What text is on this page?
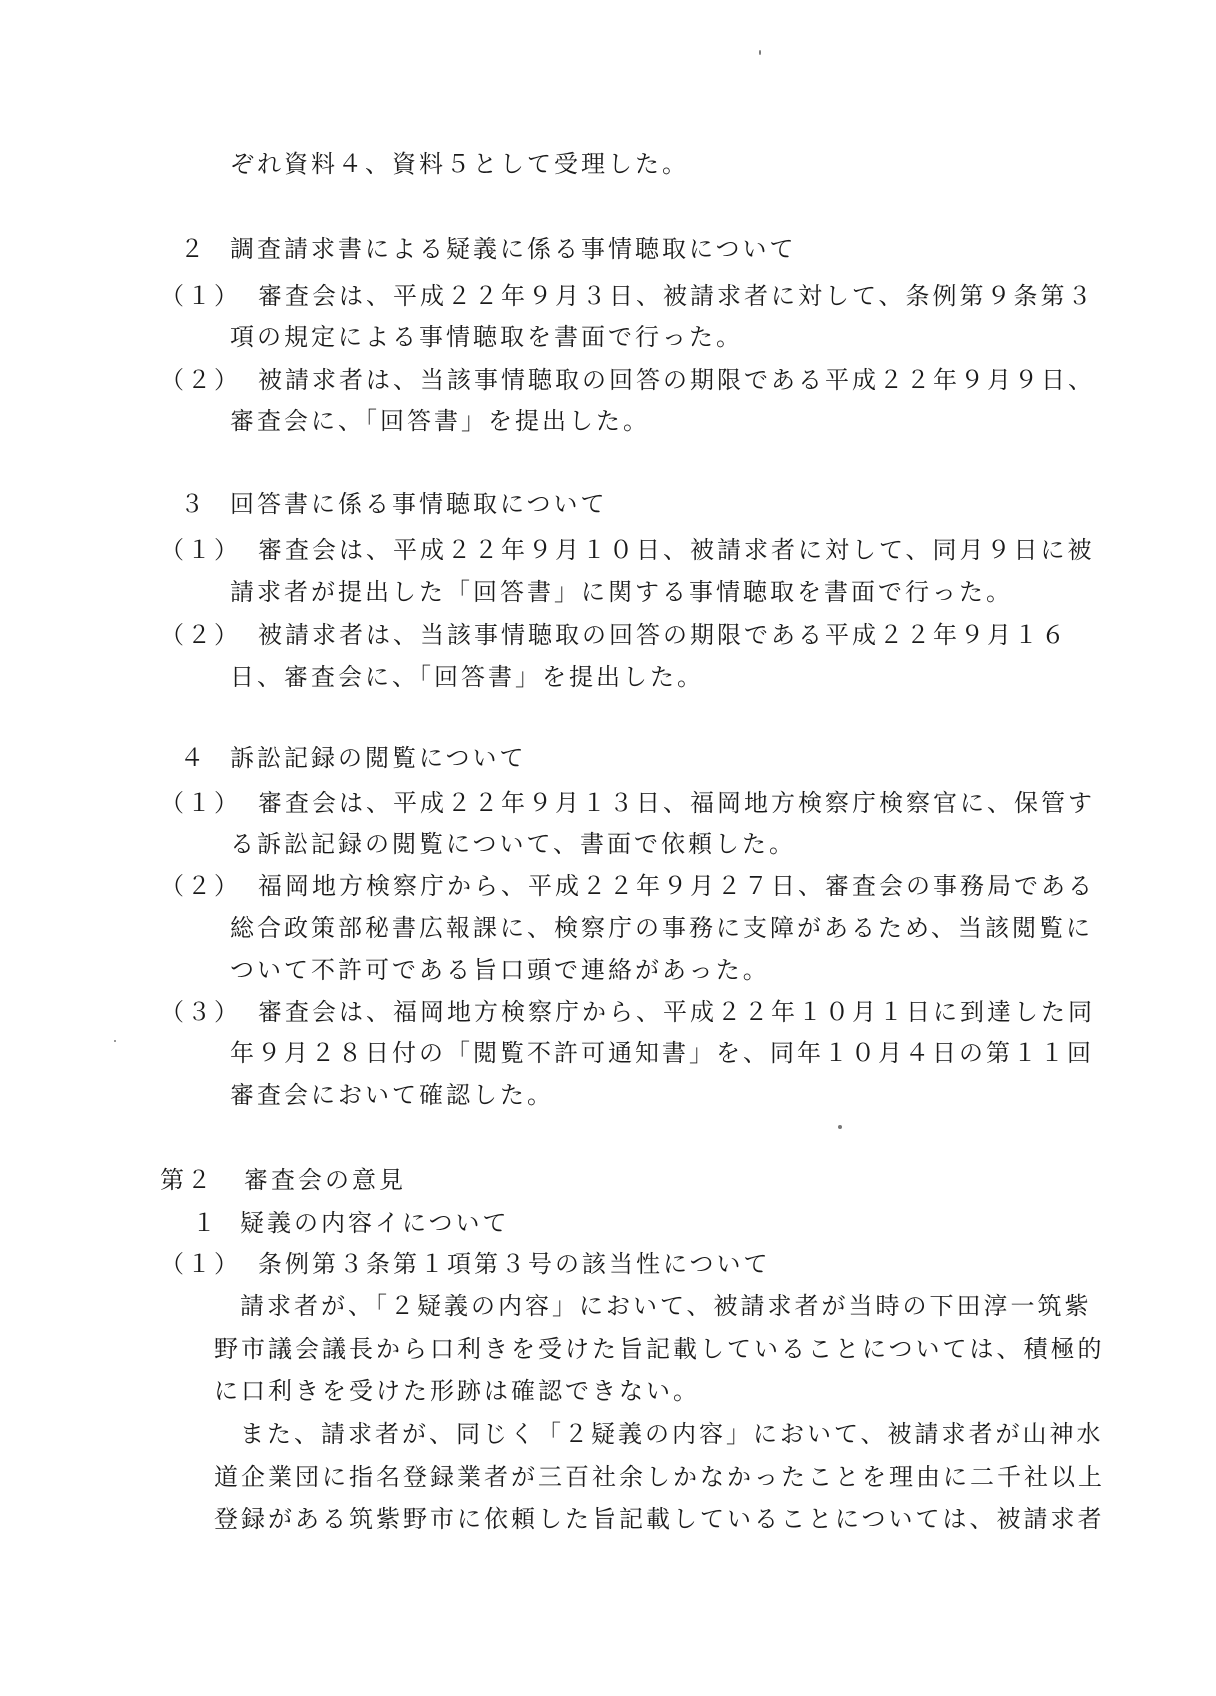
ぞれ資料４、資料５として受理した。
２ 調査請求書による疑義に係る事情聴取について
（１） 審査会は、平成２２年９月３日、被請求者に対して、条例第９条第３
項の規定による事情聴取を書面で行った。
（２） 被請求者は、当該事情聴取の回答の期限である平成２２年９月９日、
審査会に、「回答書」を提出した。
３ 回答書に係る事情聴取について
（１） 審査会は、平成２２年９月１０日、被請求者に対して、同月９日に被
請求者が提出した「回答書」に関する事情聴取を書面で行った。
（２） 被請求者は、当該事情聴取の回答の期限である平成２２年９月１６
日、審査会に、「回答書」を提出した。
４ 訴訟記録の閲覧について
（１） 審査会は、平成２２年９月１３日、福岡地方検察庁検察官に、保管す
る訴訟記録の閲覧について、書面で依頼した。
（２） 福岡地方検察庁から、平成２２年９月２７日、審査会の事務局である
総合政策部秘書広報課に、検察庁の事務に支障があるため、当該閲覧に
ついて不許可である旨口頭で連絡があった。
（３） 審査会は、福岡地方検察庁から、平成２２年１０月１日に到達した同
年９月２８日付の「閲覧不許可通知書」を、同年１０月４日の第１１回
審査会において確認した。
第２ 審査会の意見
１ 疑義の内容イについて
（１） 条例第３条第１項第３号の該当性について
請求者が、「２疑義の内容」において、被請求者が当時の下田淳一筑紫
野市議会議長から口利きを受けた旨記載していることについては、積極的
に口利きを受けた形跡は確認できない。
また、請求者が、同じく「２疑義の内容」において、被請求者が山神水
道企業団に指名登録業者が三百社余しかなかったことを理由に二千社以上
登録がある筑紫野市に依頼した旨記載していることについては、被請求者
